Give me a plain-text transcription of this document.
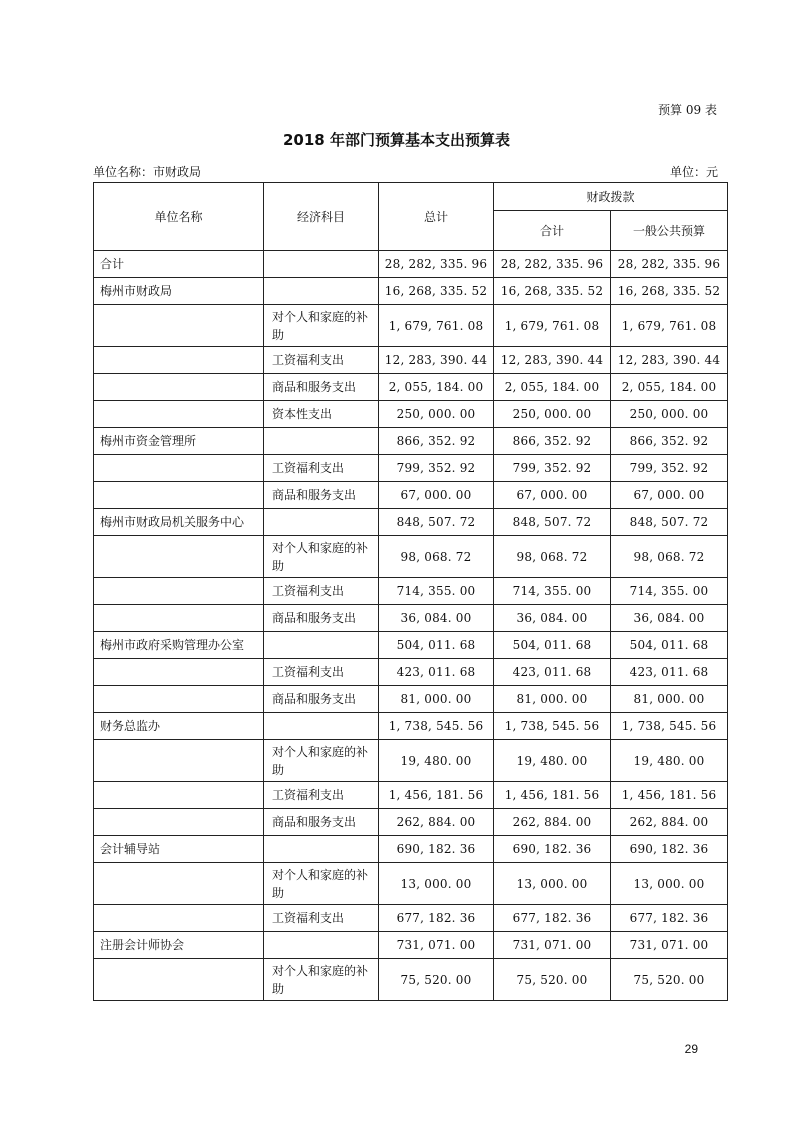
预算 09 表
2018 年部门预算基本支出预算表
单位名称：市财政局	单位：元
单位名称	经济科目	总计	财政拨款	
			合计	一般公共预算
合计		28, 282, 335. 96	28, 282, 335. 96	28, 282, 335. 96
梅州市财政局		16, 268, 335. 52	16, 268, 335. 52	16, 268, 335. 52
	对个人和家庭的补助	1, 679, 761. 08	1, 679, 761. 08	1, 679, 761. 08
	工资福利支出	12, 283, 390. 44	12, 283, 390. 44	12, 283, 390. 44
	商品和服务支出	2, 055, 184. 00	2, 055, 184. 00	2, 055, 184. 00
	资本性支出	250, 000. 00	250, 000. 00	250, 000. 00
梅州市资金管理所		866, 352. 92	866, 352. 92	866, 352. 92
	工资福利支出	799, 352. 92	799, 352. 92	799, 352. 92
	商品和服务支出	67, 000. 00	67, 000. 00	67, 000. 00
梅州市财政局机关服务中心		848, 507. 72	848, 507. 72	848, 507. 72
	对个人和家庭的补助	98, 068. 72	98, 068. 72	98, 068. 72
	工资福利支出	714, 355. 00	714, 355. 00	714, 355. 00
	商品和服务支出	36, 084. 00	36, 084. 00	36, 084. 00
梅州市政府采购管理办公室		504, 011. 68	504, 011. 68	504, 011. 68
	工资福利支出	423, 011. 68	423, 011. 68	423, 011. 68
	商品和服务支出	81, 000. 00	81, 000. 00	81, 000. 00
财务总监办		1, 738, 545. 56	1, 738, 545. 56	1, 738, 545. 56
	对个人和家庭的补助	19, 480. 00	19, 480. 00	19, 480. 00
	工资福利支出	1, 456, 181. 56	1, 456, 181. 56	1, 456, 181. 56
	商品和服务支出	262, 884. 00	262, 884. 00	262, 884. 00
会计辅导站		690, 182. 36	690, 182. 36	690, 182. 36
	对个人和家庭的补助	13, 000. 00	13, 000. 00	13, 000. 00
	工资福利支出	677, 182. 36	677, 182. 36	677, 182. 36
注册会计师协会		731, 071. 00	731, 071. 00	731, 071. 00
	对个人和家庭的补助	75, 520. 00	75, 520. 00	75, 520. 00
29
